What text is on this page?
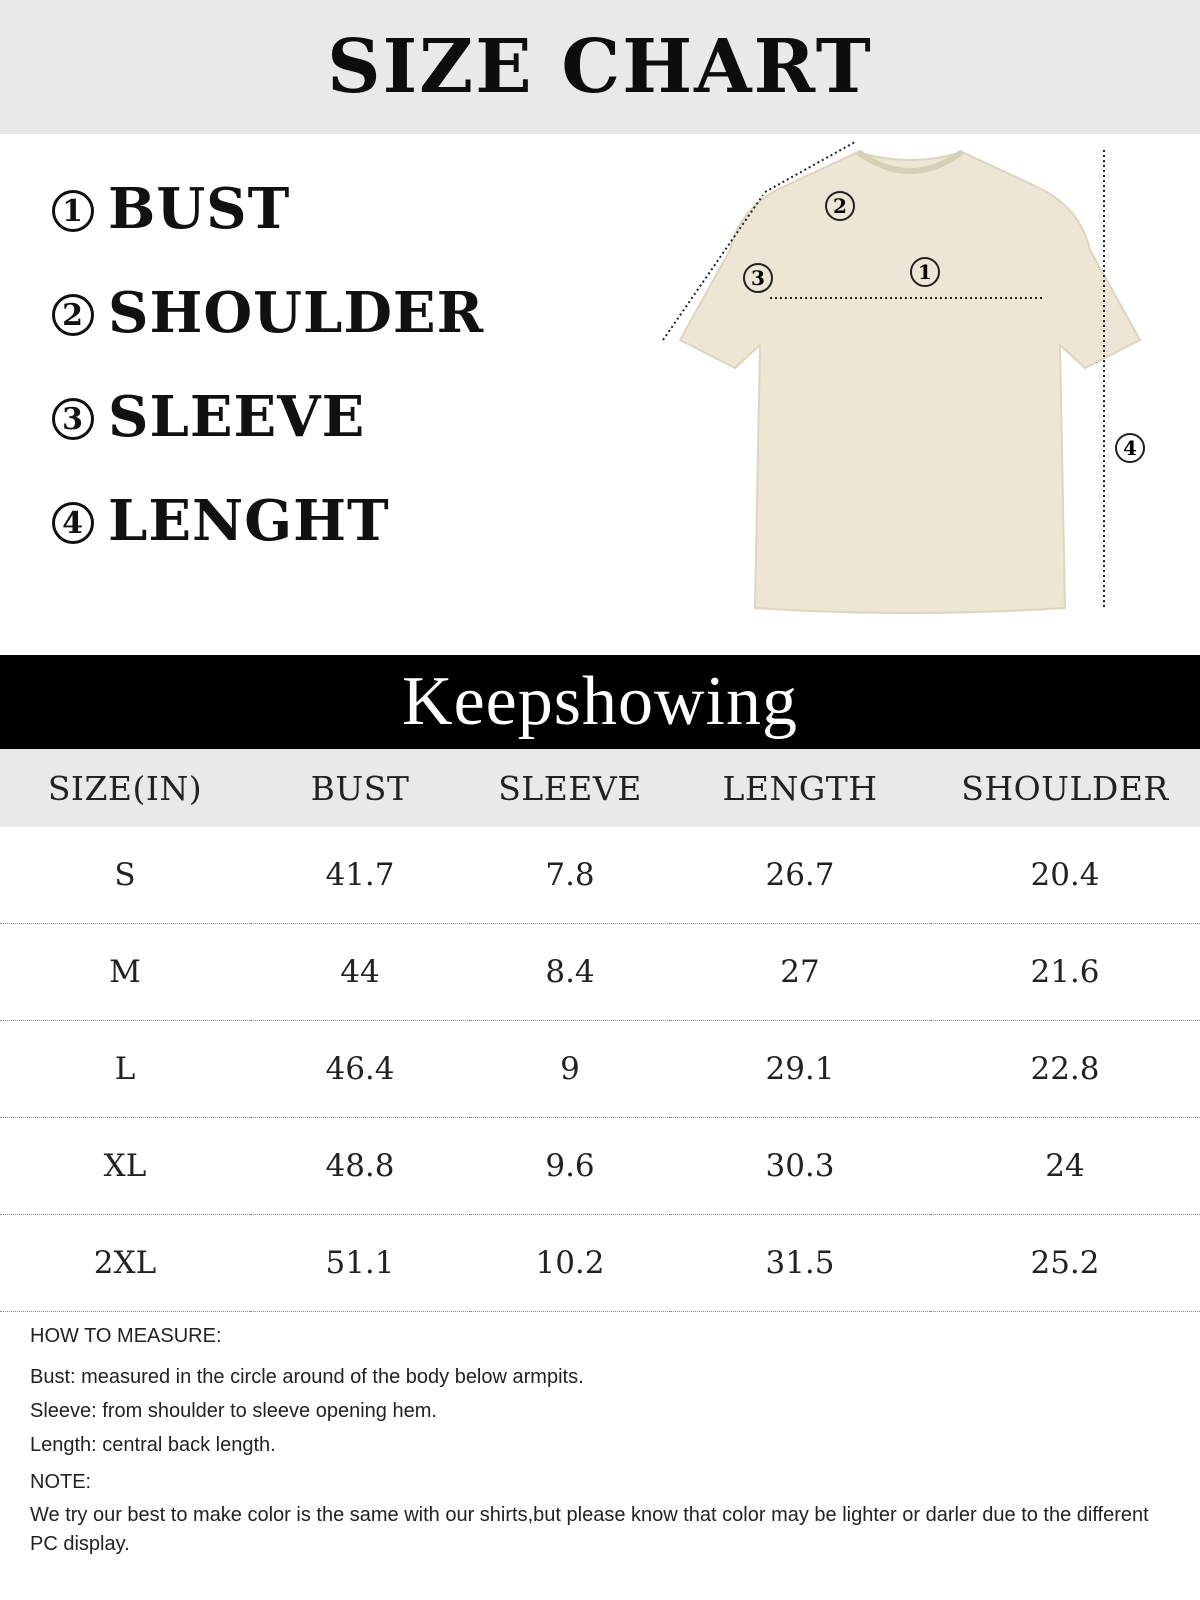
SIZE CHART
1 BUST
2 SHOULDER
3 SLEEVE
4 LENGHT
2
3	1
4
Keepshowing
SIZE(IN)	BUST	SLEEVE	LENGTH	SHOULDER
S	41.7	7.8	26.7	20.4
M	44	8.4	27	21.6
L	46.4	9	29.1	22.8
XL	48.8	9.6	30.3	24
2XL	51.1	10.2	31.5	25.2

HOW TO MEASURE:

Bust: measured in the circle around of the body below armpits.

Sleeve: from shoulder to sleeve opening hem.

Length: central back length.

NOTE:

We try our best to make color is the same with our shirts,but please know that color may be lighter or darler due to the different PC display.
